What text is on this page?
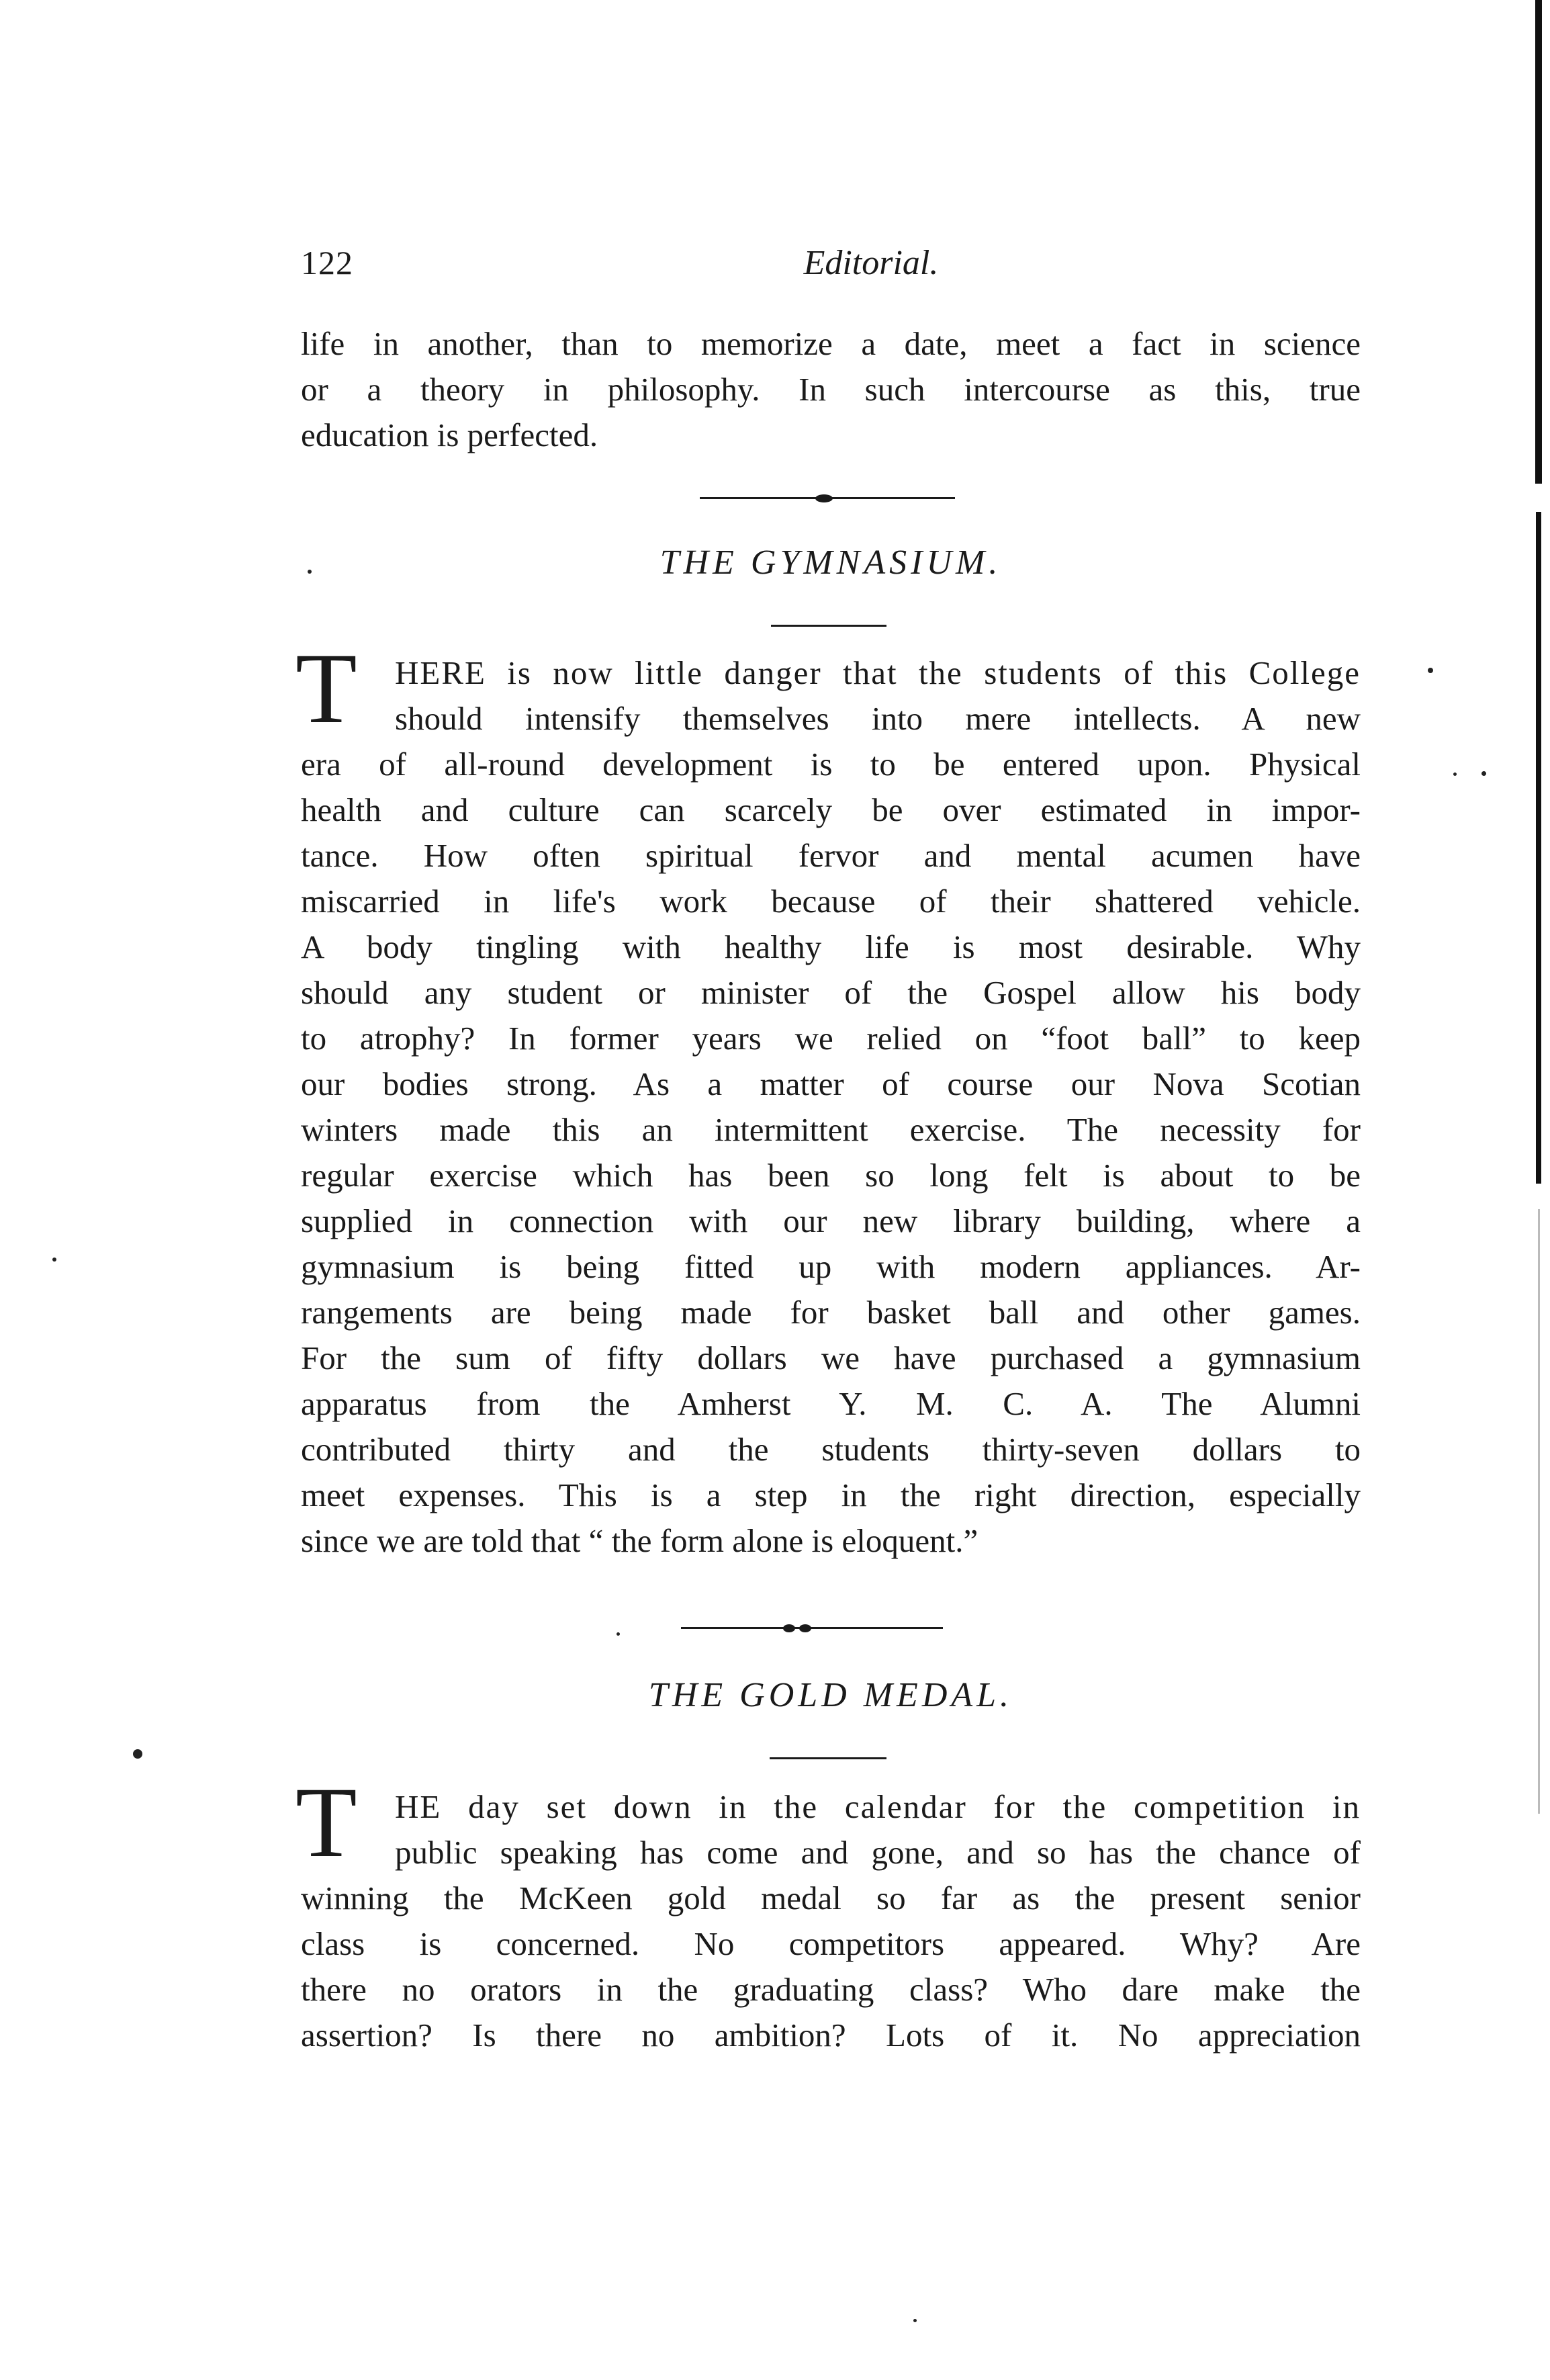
122	Editorial.
life in another, than to memorize a date, meet a fact in science
or a theory in philosophy. In such intercourse as this, true
education is perfected.
THE GYMNASIUM.
T	HERE is now little danger that the students of this College
should intensify themselves into mere intellects. A new
era of all-round development is to be entered upon. Physical
health and culture can scarcely be over estimated in impor-
tance. How often spiritual fervor and mental acumen have
miscarried in life's work because of their shattered vehicle.
A body tingling with healthy life is most desirable. Why
should any student or minister of the Gospel allow his body
to atrophy? In former years we relied on “foot ball” to keep
our bodies strong. As a matter of course our Nova Scotian
winters made this an intermittent exercise. The necessity for
regular exercise which has been so long felt is about to be
supplied in connection with our new library building, where a
gymnasium is being fitted up with modern appliances. Ar-
rangements are being made for basket ball and other games.
For the sum of fifty dollars we have purchased a gymnasium
apparatus from the Amherst Y. M. C. A. The Alumni
contributed thirty and the students thirty-seven dollars to
meet expenses. This is a step in the right direction, especially
since we are told that “ the form alone is eloquent.”
THE GOLD MEDAL.
T	HE day set down in the calendar for the competition in
public speaking has come and gone, and so has the chance of
winning the McKeen gold medal so far as the present senior
class is concerned. No competitors appeared. Why? Are
there no orators in the graduating class? Who dare make the
assertion? Is there no ambition? Lots of it. No appreciation
